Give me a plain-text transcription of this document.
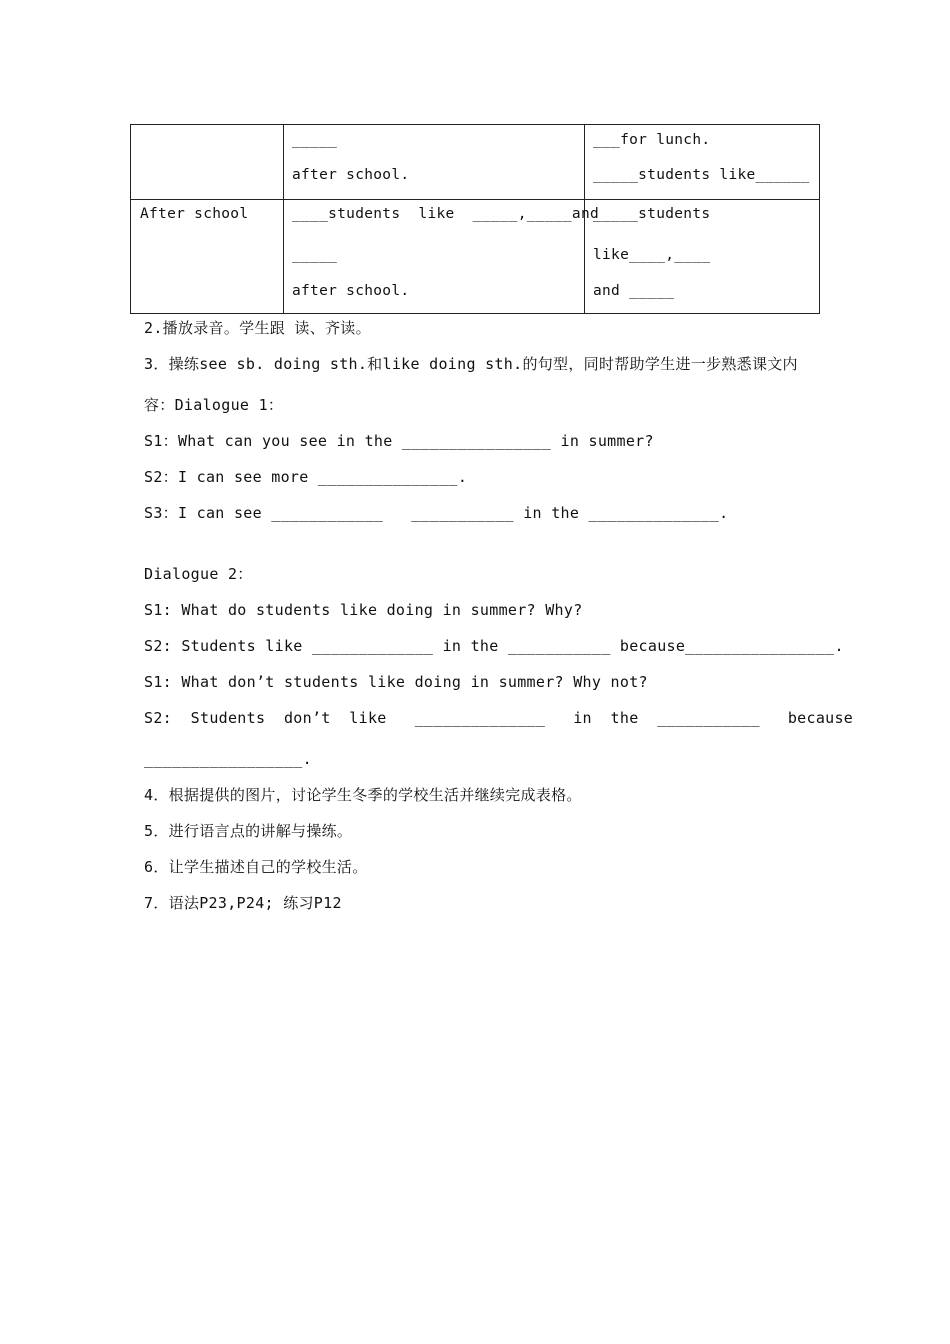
_____
after school.
___for lunch.
_____students like______
After school	____students  like  _____,_____and
_____
after school.
_____students
like____,____
and _____
2.播放录音。学生跟 读、齐读。
3．操练see sb. doing sth.和like doing sth.的句型，同时帮助学生进一步熟悉课文内
容：Dialogue 1：
S1：What can you see in the ________________ in summer?
S2：I can see more _______________.
S3：I can see ____________   ___________ in the ______________.
Dialogue 2：
S1: What do students like doing in summer? Why?
S2: Students like _____________ in the ___________ because________________.
S1: What don’t students like doing in summer? Why not?
S2:  Students  don’t  like   ______________   in  the  ___________   because
_________________.
4．根据提供的图片，讨论学生冬季的学校生活并继续完成表格。
5．进行语言点的讲解与操练。
6．让学生描述自己的学校生活。
7．语法P23,P24; 练习P12
